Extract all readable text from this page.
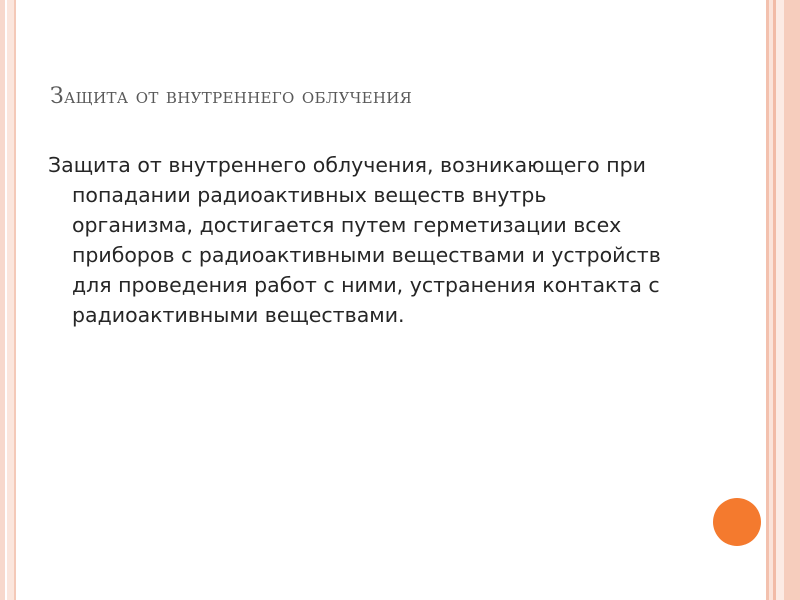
Защита от внутреннего облучения

Защита от внутреннего облучения, возникающего при
попадании радиоактивных веществ внутрь
организма, достигается путем герметизации всех
приборов с радиоактивными веществами и устройств
для проведения работ с ними, устранения контакта с
радиоактивными веществами.
